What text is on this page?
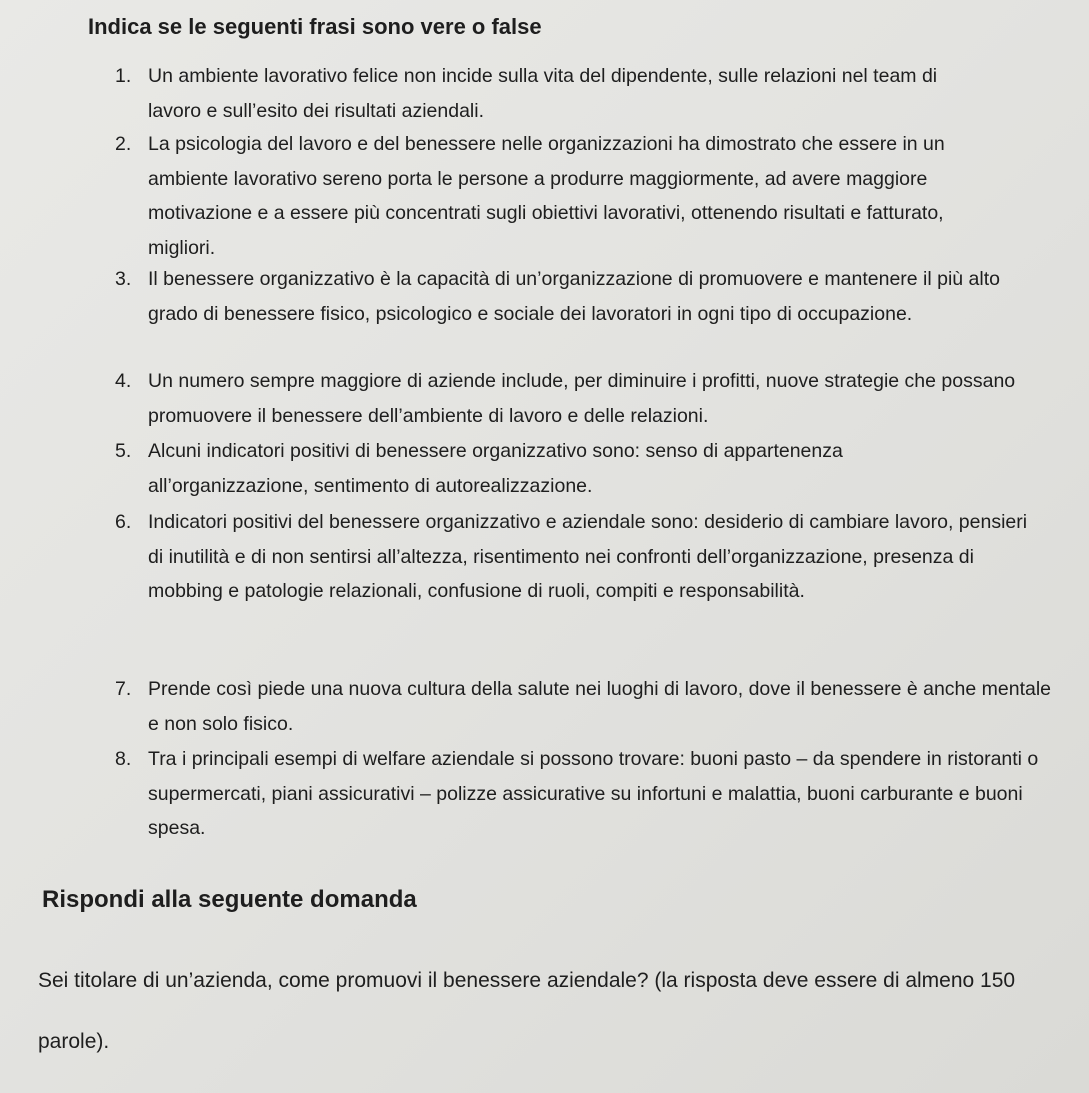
Indica se le seguenti frasi sono vere o false
1. Un ambiente lavorativo felice non incide sulla vita del dipendente, sulle relazioni nel team di lavoro e sull’esito dei risultati aziendali.
2. La psicologia del lavoro e del benessere nelle organizzazioni ha dimostrato che essere in un ambiente lavorativo sereno porta le persone a produrre maggiormente, ad avere maggiore motivazione e a essere più concentrati sugli obiettivi lavorativi, ottenendo risultati e fatturato, migliori.
3. Il benessere organizzativo è la capacità di un’organizzazione di promuovere e mantenere il più alto grado di benessere fisico, psicologico e sociale dei lavoratori in ogni tipo di occupazione.
4. Un numero sempre maggiore di aziende include, per diminuire i profitti, nuove strategie che possano promuovere il benessere dell’ambiente di lavoro e delle relazioni.
5. Alcuni indicatori positivi di benessere organizzativo sono: senso di appartenenza all’organizzazione, sentimento di autorealizzazione.
6. Indicatori positivi del benessere organizzativo e aziendale sono: desiderio di cambiare lavoro, pensieri di inutilità e di non sentirsi all’altezza, risentimento nei confronti dell’organizzazione, presenza di mobbing e patologie relazionali, confusione di ruoli, compiti e responsabilità.
7. Prende così piede una nuova cultura della salute nei luoghi di lavoro, dove il benessere è anche mentale e non solo fisico.
8. Tra i principali esempi di welfare aziendale si possono trovare: buoni pasto – da spendere in ristoranti o supermercati, piani assicurativi – polizze assicurative su infortuni e malattia, buoni carburante e buoni spesa.
Rispondi alla seguente domanda

Sei titolare di un’azienda, come promuovi il benessere aziendale? (la risposta deve essere di almeno 150 parole).
